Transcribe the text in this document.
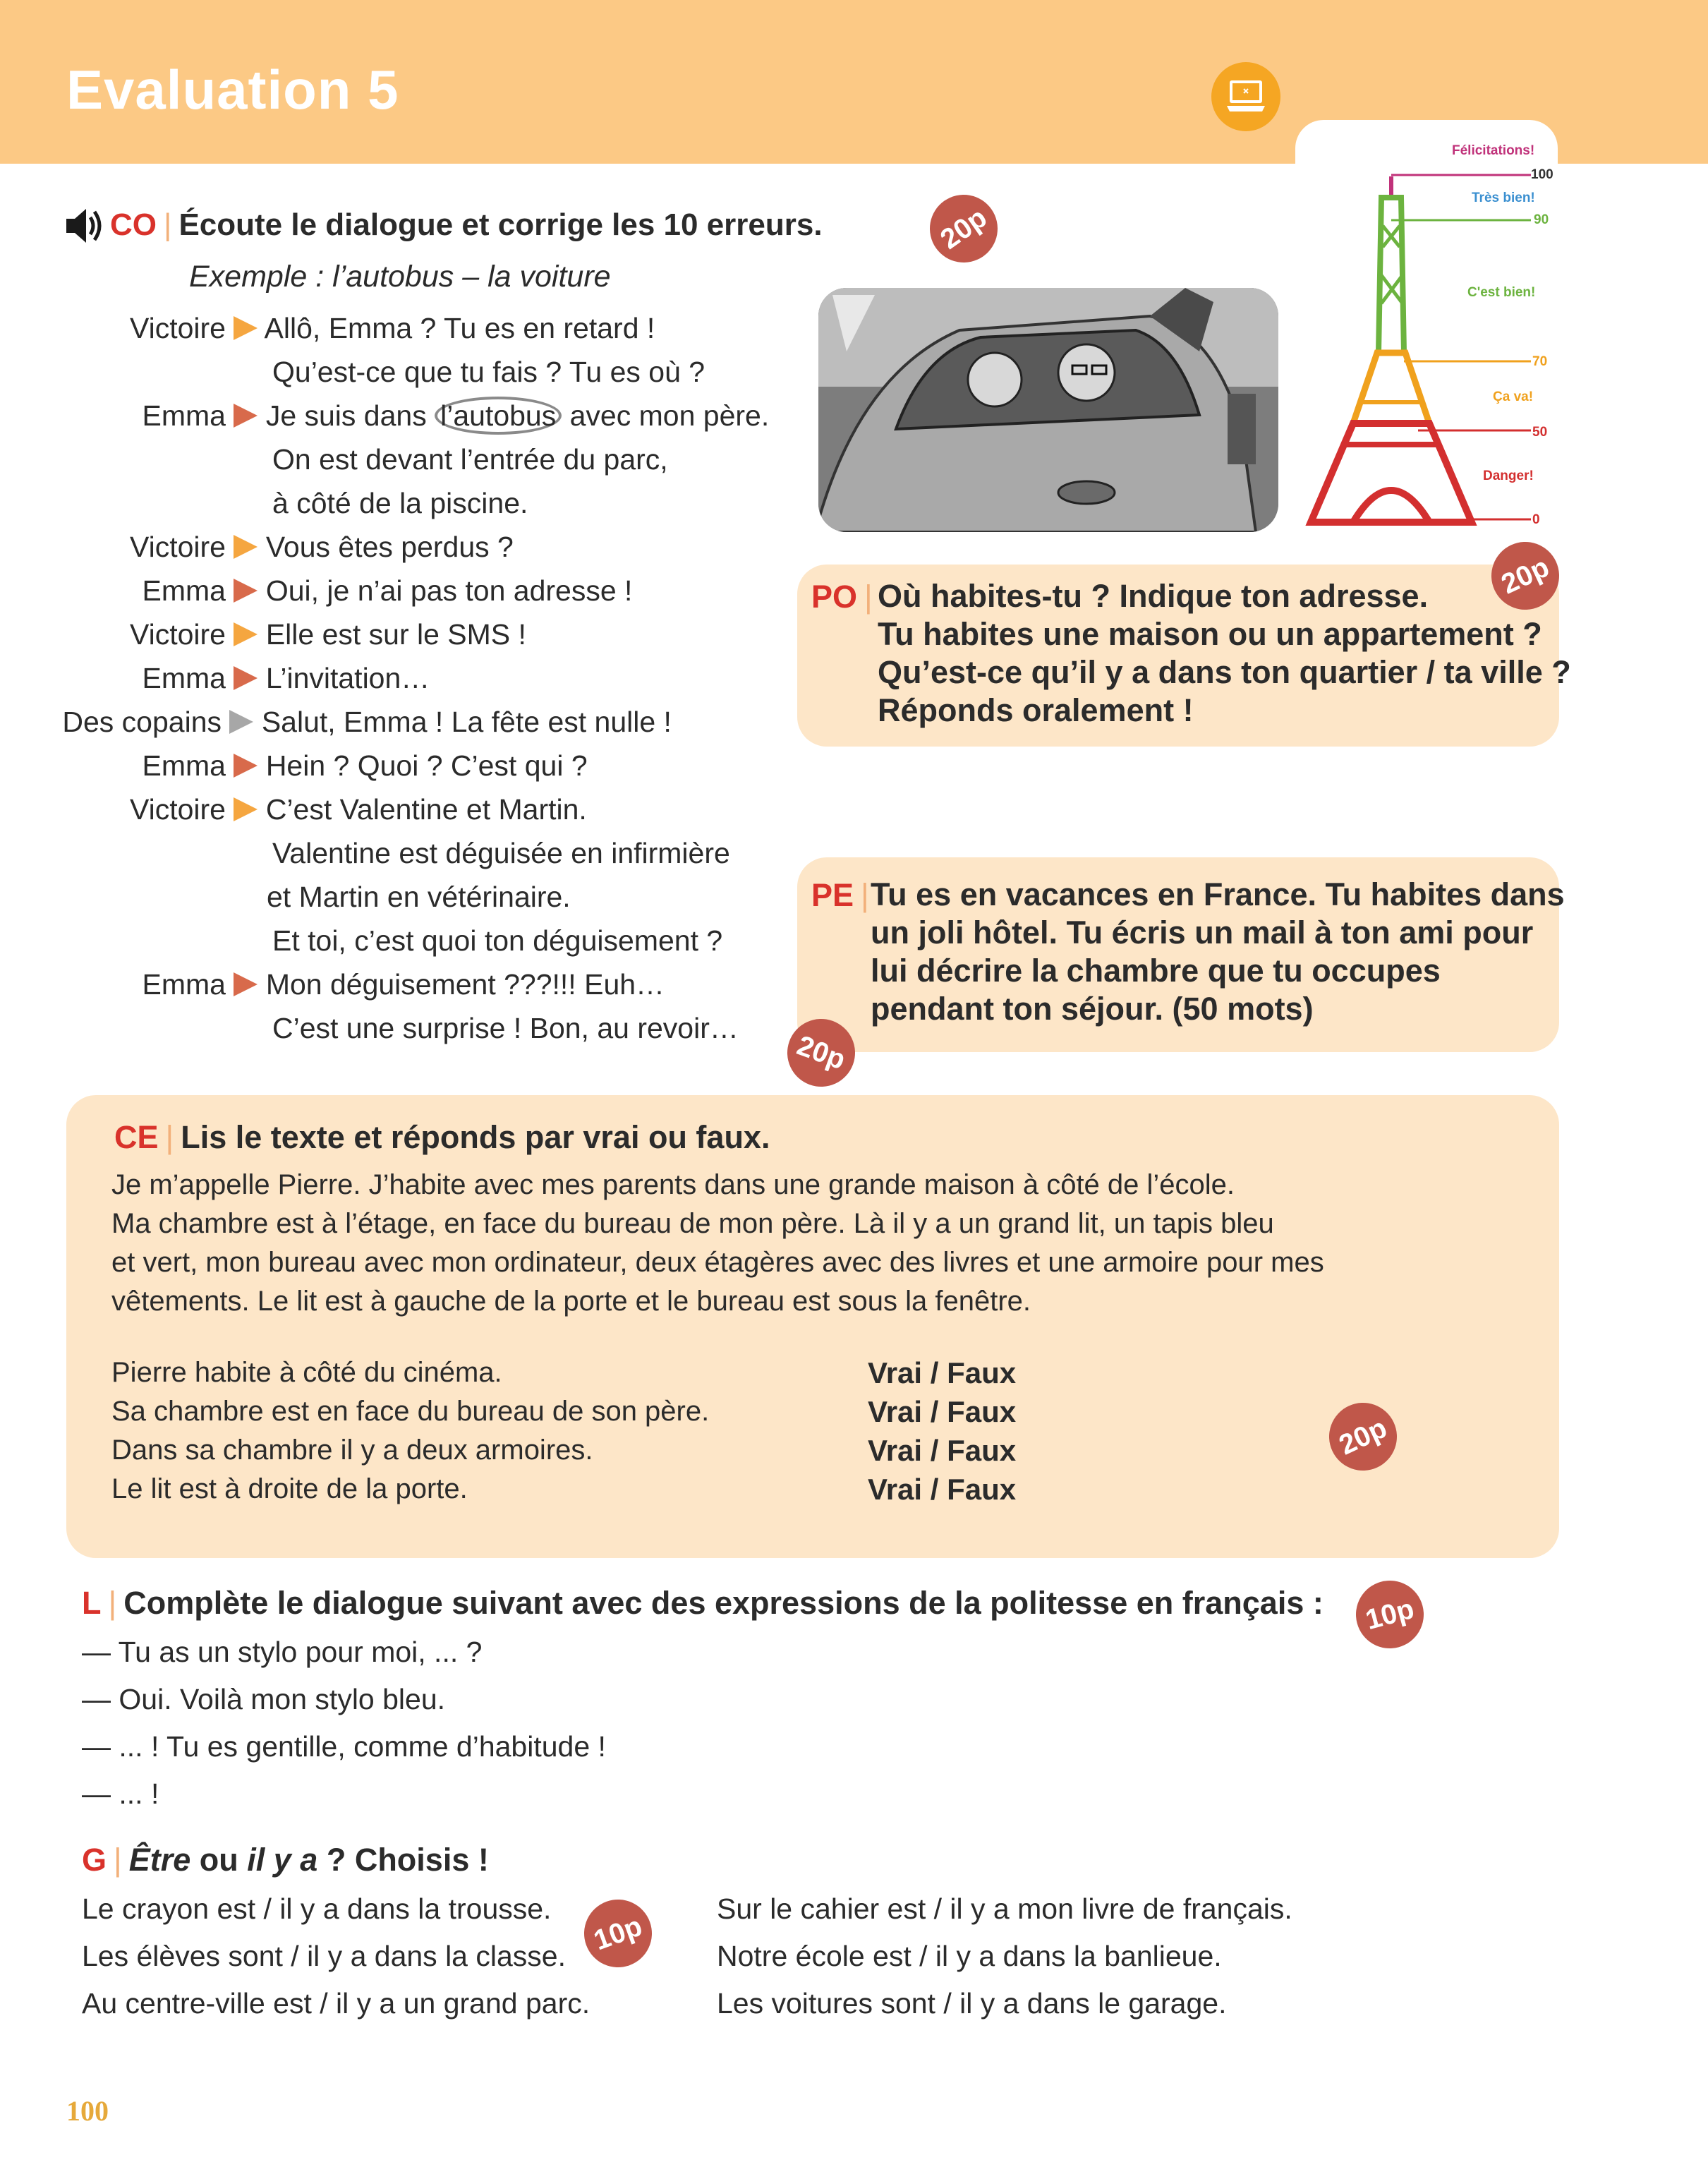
Evaluation 5
Félicitations!
100
Très bien!
90
C'est bien!
70
Ça va!
50
Danger!
0
CO | Écoute le dialogue et corrige les 10 erreurs.
Exemple : l’autobus – la voiture
20p
Victoire Allô, Emma ? Tu es en retard !
Qu’est-ce que tu fais ? Tu es où ?
Emma Je suis dans l’autobus avec mon père.
On est devant l’entrée du parc,
à côté de la piscine.
Victoire Vous êtes perdus ?
Emma Oui, je n’ai pas ton adresse !
Victoire Elle est sur le SMS !
Emma L’invitation…
Des copains Salut, Emma ! La fête est nulle !
Emma Hein ? Quoi ? C’est qui ?
Victoire C’est Valentine et Martin.
Valentine est déguisée en infirmière
et Martin en vétérinaire.
Et toi, c’est quoi ton déguisement ?
Emma Mon déguisement ???!!! Euh…
C’est une surprise ! Bon, au revoir…
PO | Où habites-tu ? Indique ton adresse.
Tu habites une maison ou un appartement ?
Qu’est-ce qu’il y a dans ton quartier / ta ville ?
Réponds oralement !
20p
PE | Tu es en vacances en France. Tu habites dans
un joli hôtel. Tu écris un mail à ton ami pour
lui décrire la chambre que tu occupes
pendant ton séjour. (50 mots)
20p
CE | Lis le texte et réponds par vrai ou faux.
Je m’appelle Pierre. J’habite avec mes parents dans une grande maison à côté de l’école.
Ma chambre est à l’étage, en face du bureau de mon père. Là il y a un grand lit, un tapis bleu
et vert, mon bureau avec mon ordinateur, deux étagères avec des livres et une armoire pour mes
vêtements. Le lit est à gauche de la porte et le bureau est sous la fenêtre.
Pierre habite à côté du cinéma.
Sa chambre est en face du bureau de son père.
Dans sa chambre il y a deux armoires.
Le lit est à droite de la porte.
Vrai / Faux
Vrai / Faux
Vrai / Faux
Vrai / Faux
20p
L | Complète le dialogue suivant avec des expressions de la politesse en français :
— Tu as un stylo pour moi, ... ?
— Oui. Voilà mon stylo bleu.
— ... ! Tu es gentille, comme d’habitude !
— ... !
10p
G | Être ou il y a ? Choisis !
Le crayon est / il y a dans la trousse.
Les élèves sont / il y a dans la classe.
Au centre-ville est / il y a un grand parc.
Sur le cahier est / il y a mon livre de français.
Notre école est / il y a dans la banlieue.
Les voitures sont / il y a dans le garage.
10p
100
